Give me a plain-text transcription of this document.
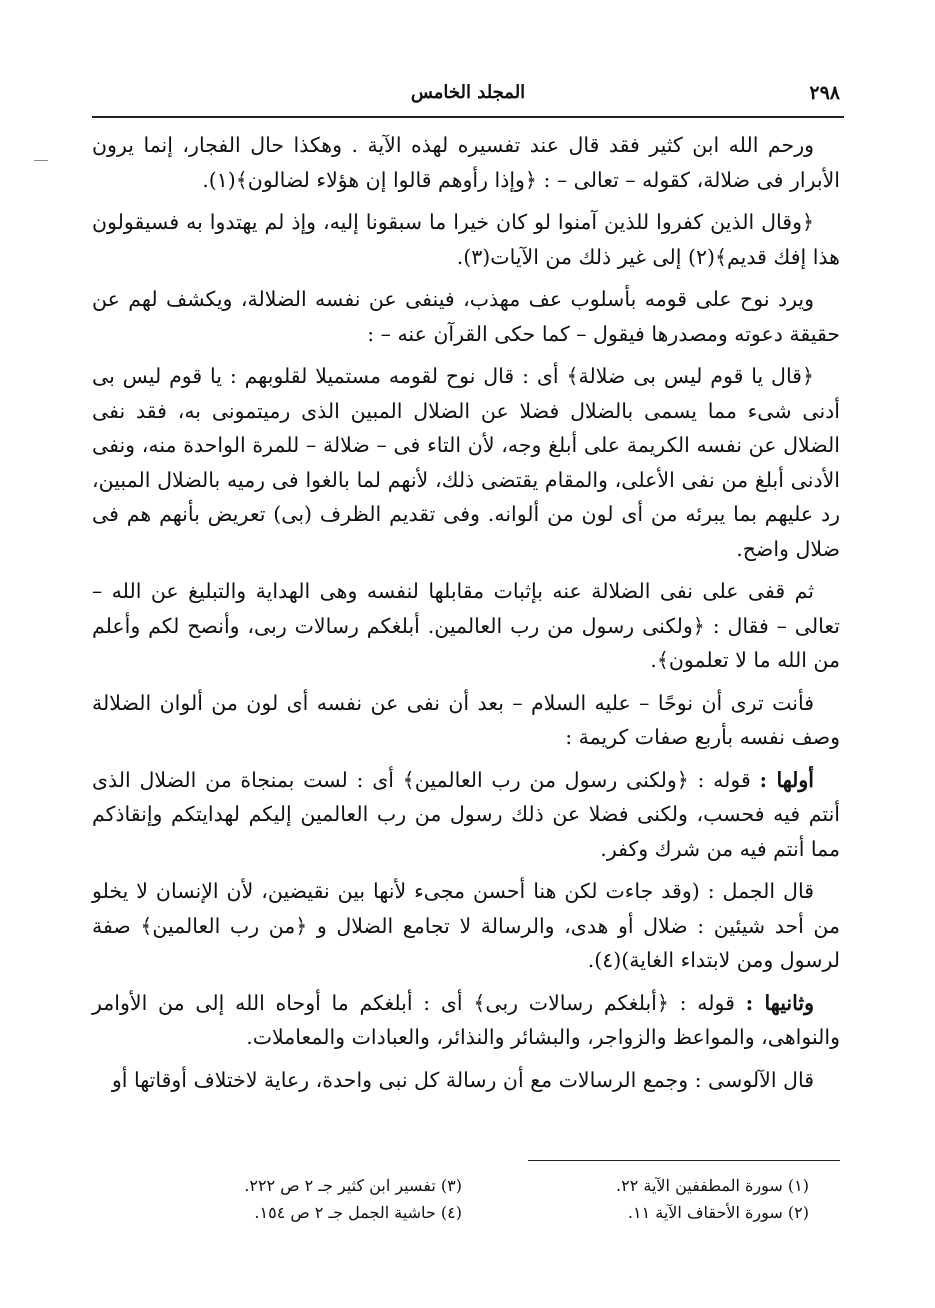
٢٩٨
المجلد الخامس

ورحم الله ابن كثير فقد قال عند تفسيره لهذه الآية . وهكذا حال الفجار، إنما يرون الأبرار فى ضلالة، كقوله – تعالى – : ﴿وإذا رأوهم قالوا إن هؤلاء لضالون﴾(١).

﴿وقال الذين كفروا للذين آمنوا لو كان خيرا ما سبقونا إليه، وإذ لم يهتدوا به فسيقولون هذا إفك قديم﴾(٢) إلى غير ذلك من الآيات(٣).

ويرد نوح على قومه بأسلوب عف مهذب، فينفى عن نفسه الضلالة، ويكشف لهم عن حقيقة دعوته ومصدرها فيقول – كما حكى القرآن عنه – :

﴿قال يا قوم ليس بى ضلالة﴾ أى : قال نوح لقومه مستميلا لقلوبهم : يا قوم ليس بى أدنى شىء مما يسمى بالضلال فضلا عن الضلال المبين الذى رميتمونى به، فقد نفى الضلال عن نفسه الكريمة على أبلغ وجه، لأن التاء فى – ضلالة – للمرة الواحدة منه، ونفى الأدنى أبلغ من نفى الأعلى، والمقام يقتضى ذلك، لأنهم لما بالغوا فى رميه بالضلال المبين، رد عليهم بما يبرئه من أى لون من ألوانه. وفى تقديم الظرف (بى) تعريض بأنهم هم فى ضلال واضح.

ثم قفى على نفى الضلالة عنه بإثبات مقابلها لنفسه وهى الهداية والتبليغ عن الله – تعالى – فقال : ﴿ولكنى رسول من رب العالمين. أبلغكم رسالات ربى، وأنصح لكم وأعلم من الله ما لا تعلمون﴾.

فأنت ترى أن نوحًا – عليه السلام – بعد أن نفى عن نفسه أى لون من ألوان الضلالة وصف نفسه بأربع صفات كريمة :

أولها : قوله : ﴿ولكنى رسول من رب العالمين﴾ أى : لست بمنجاة من الضلال الذى أنتم فيه فحسب، ولكنى فضلا عن ذلك رسول من رب العالمين إليكم لهدايتكم وإنقاذكم مما أنتم فيه من شرك وكفر.

قال الجمل : (وقد جاءت لكن هنا أحسن مجىء لأنها بين نقيضين، لأن الإنسان لا يخلو من أحد شيئين : ضلال أو هدى، والرسالة لا تجامع الضلال و ﴿من رب العالمين﴾ صفة لرسول ومن لابتداء الغاية)(٤).

وثانيها : قوله : ﴿أبلغكم رسالات ربى﴾ أى : أبلغكم ما أوحاه الله إلى من الأوامر والنواهى، والمواعظ والزواجر، والبشائر والنذائر، والعبادات والمعاملات.

قال الآلوسى : وجمع الرسالات مع أن رسالة كل نبى واحدة، رعاية لاختلاف أوقاتها أو

(١) سورة المطففين الآية ٢٢.
(٢) سورة الأحقاف الآية ١١.
(٣) تفسير ابن كثير جـ ٢ ص ٢٢٢.
(٤) حاشية الجمل جـ ٢ ص ١٥٤.
